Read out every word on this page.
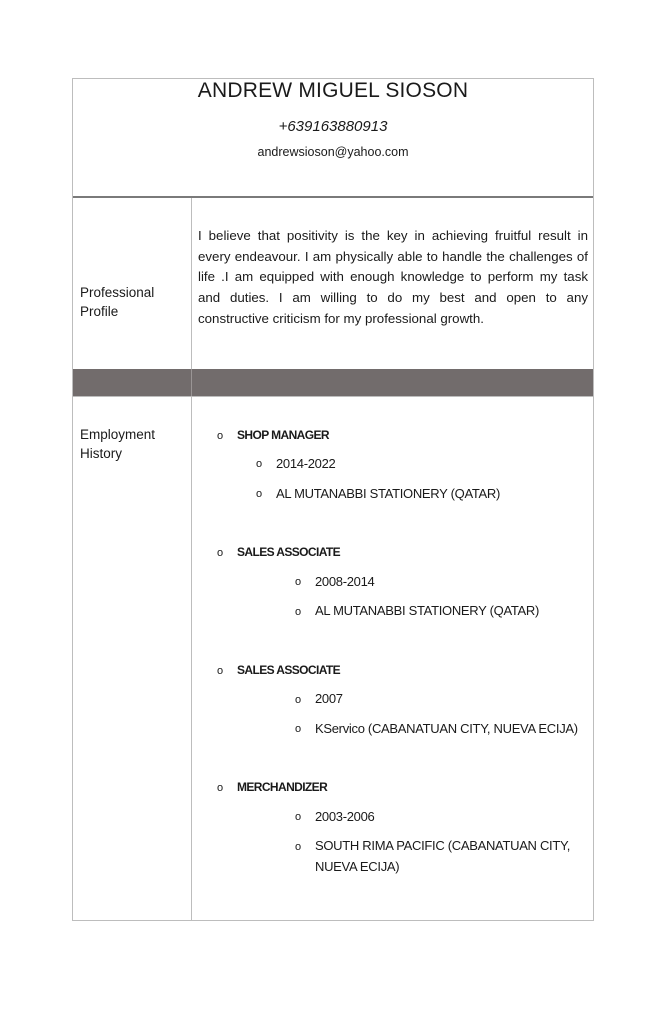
ANDREW MIGUEL SIOSON
+639163880913
andrewsioson@yahoo.com
Professional Profile
I believe that positivity is the key in achieving fruitful result in every endeavour. I am physically able to handle the challenges of life .I am equipped with enough knowledge to perform my task and duties. I am willing to do my best and open to any constructive criticism for my professional growth.
Employment History
o SHOP MANAGER
o 2014-2022
o AL MUTANABBI STATIONERY (QATAR)
o SALES ASSOCIATE
o 2008-2014
o AL MUTANABBI STATIONERY (QATAR)
o SALES ASSOCIATE
o 2007
o KServico (CABANATUAN CITY, NUEVA ECIJA)
o MERCHANDIZER
o 2003-2006
o SOUTH RIMA PACIFIC (CABANATUAN CITY, NUEVA ECIJA)
